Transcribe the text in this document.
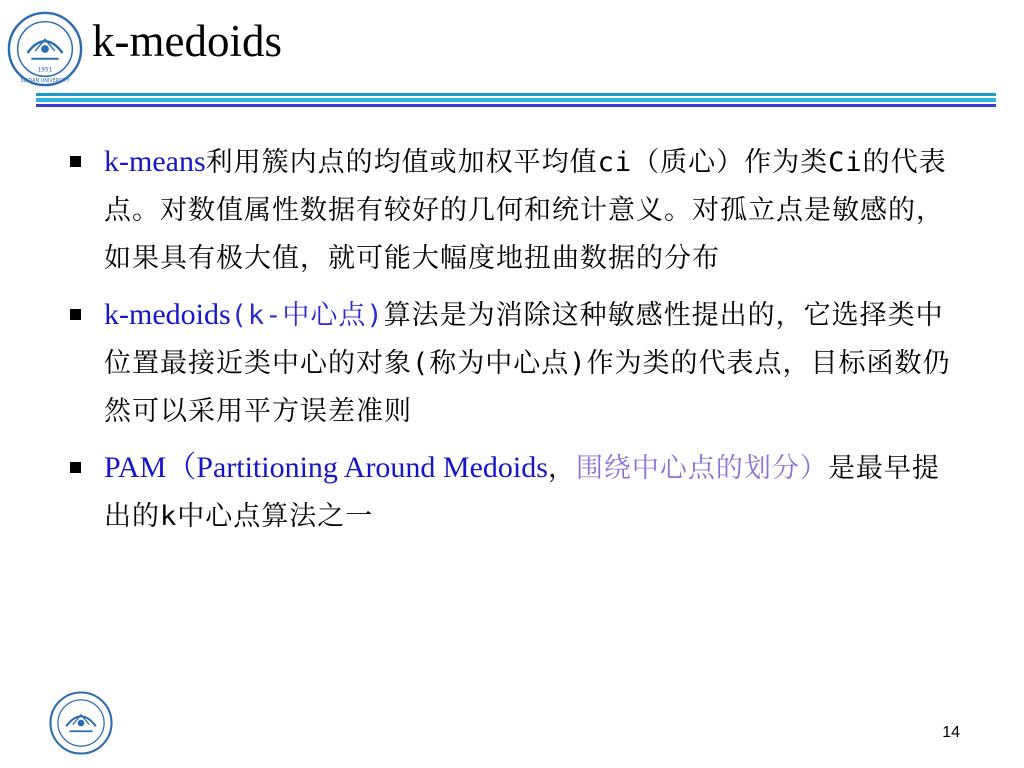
1951
SUIDAN UNIVERSITY
k-medoids
k-means利用簇内点的均值或加权平均值ci（质心）作为类Ci的代表点。对数值属性数据有较好的几何和统计意义。对孤立点是敏感的，如果具有极大值，就可能大幅度地扭曲数据的分布
k-medoids(k-中心点)算法是为消除这种敏感性提出的，它选择类中位置最接近类中心的对象(称为中心点)作为类的代表点，目标函数仍然可以采用平方误差准则
PAM（Partitioning Around Medoids，围绕中心点的划分）是最早提出的k中心点算法之一
14
